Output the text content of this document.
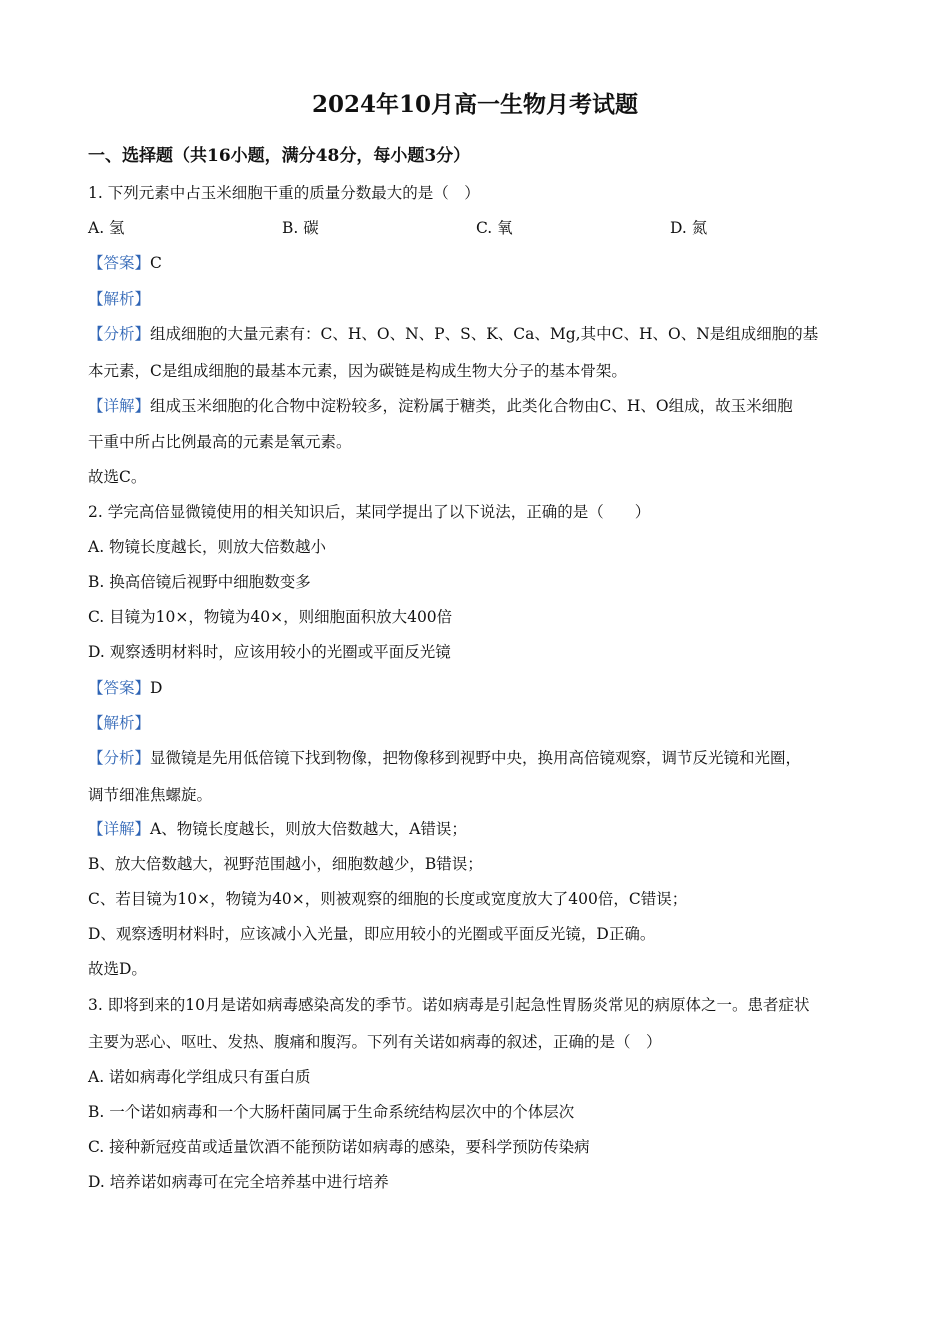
2024年10月高一生物月考试题
一、选择题（共16小题，满分48分，每小题3分）
1. 下列元素中占玉米细胞干重的质量分数最大的是（　）
A. 氢	B. 碳	C. 氧	D. 氮
【答案】C
【解析】
【分析】组成细胞的大量元素有：C、H、O、N、P、S、K、Ca、Mg,其中C、H、O、N是组成细胞的基
本元素，C是组成细胞的最基本元素，因为碳链是构成生物大分子的基本骨架。
【详解】组成玉米细胞的化合物中淀粉较多，淀粉属于糖类，此类化合物由C、H、O组成，故玉米细胞
干重中所占比例最高的元素是氧元素。
故选C。
2. 学完高倍显微镜使用的相关知识后，某同学提出了以下说法，正确的是（　　）
A. 物镜长度越长，则放大倍数越小
B. 换高倍镜后视野中细胞数变多
C. 目镜为10×，物镜为40×，则细胞面积放大400倍
D. 观察透明材料时，应该用较小的光圈或平面反光镜
【答案】D
【解析】
【分析】显微镜是先用低倍镜下找到物像，把物像移到视野中央，换用高倍镜观察，调节反光镜和光圈，
调节细准焦螺旋。
【详解】A、物镜长度越长，则放大倍数越大，A错误；
B、放大倍数越大，视野范围越小，细胞数越少，B错误；
C、若目镜为10×，物镜为40×，则被观察的细胞的长度或宽度放大了400倍，C错误；
D、观察透明材料时，应该减小入光量，即应用较小的光圈或平面反光镜，D正确。
故选D。
3. 即将到来的10月是诺如病毒感染高发的季节。诺如病毒是引起急性胃肠炎常见的病原体之一。患者症状
主要为恶心、呕吐、发热、腹痛和腹泻。下列有关诺如病毒的叙述，正确的是（　）
A. 诺如病毒化学组成只有蛋白质
B. 一个诺如病毒和一个大肠杆菌同属于生命系统结构层次中的个体层次
C. 接种新冠疫苗或适量饮酒不能预防诺如病毒的感染，要科学预防传染病
D. 培养诺如病毒可在完全培养基中进行培养
